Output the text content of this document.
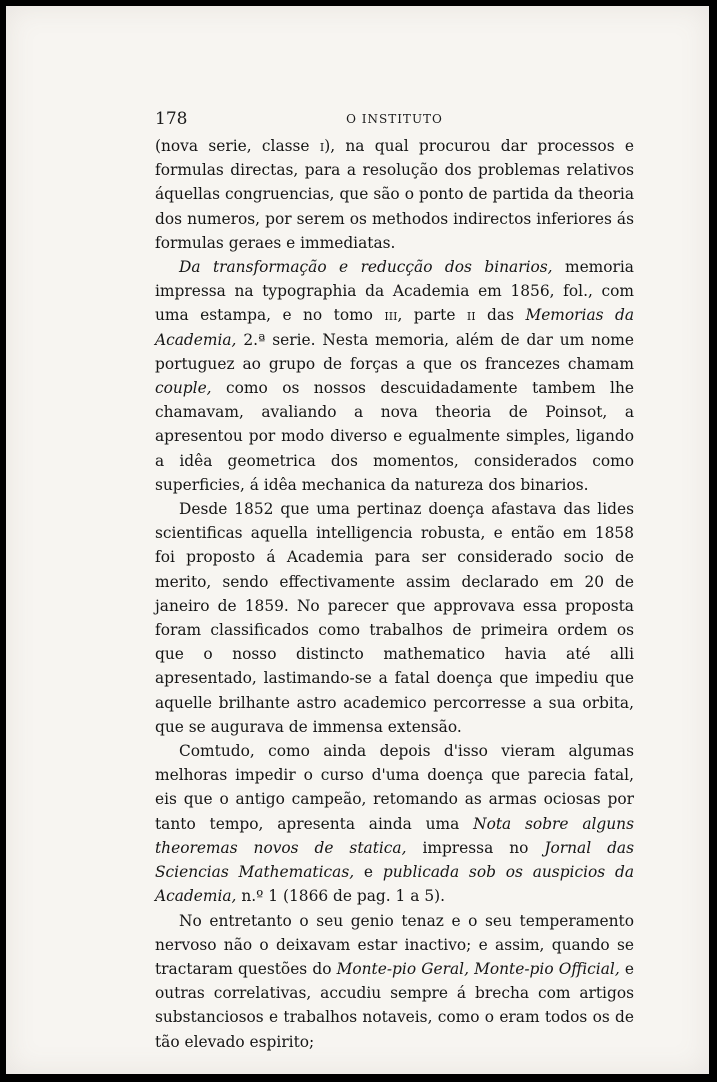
178	O INSTITUTO

(nova serie, classe i), na qual procurou dar processos e formulas directas, para a resolução dos problemas relativos áquellas congruencias, que são o ponto de partida da theoria dos numeros, por serem os methodos indirectos inferiores ás formulas geraes e immediatas.

Da transformação e reducção dos binarios, memoria impressa na typographia da Academia em 1856, fol., com uma estampa, e no tomo iii, parte ii das Memorias da Academia, 2.ª serie. Nesta memoria, além de dar um nome portuguez ao grupo de forças a que os francezes chamam couple, como os nossos descuidadamente tambem lhe chamavam, avaliando a nova theoria de Poinsot, a apresentou por modo diverso e egualmente simples, ligando a idêa geometrica dos momentos, considerados como superficies, á idêa mechanica da natureza dos binarios.

Desde 1852 que uma pertinaz doença afastava das lides scientificas aquella intelligencia robusta, e então em 1858 foi proposto á Academia para ser considerado socio de merito, sendo effectivamente assim declarado em 20 de janeiro de 1859. No parecer que approvava essa proposta foram classificados como trabalhos de primeira ordem os que o nosso distincto mathematico havia até alli apresentado, lastimando-se a fatal doença que impediu que aquelle brilhante astro academico percorresse a sua orbita, que se augurava de immensa extensão.

Comtudo, como ainda depois d'isso vieram algumas melhoras impedir o curso d'uma doença que parecia fatal, eis que o antigo campeão, retomando as armas ociosas por tanto tempo, apresenta ainda uma Nota sobre alguns theoremas novos de statica, impressa no Jornal das Sciencias Mathematicas, e publicada sob os auspicios da Academia, n.º 1 (1866 de pag. 1 a 5).

No entretanto o seu genio tenaz e o seu temperamento nervoso não o deixavam estar inactivo; e assim, quando se tractaram questões do Monte-pio Geral, Monte-pio Official, e outras correlativas, accudiu sempre á brecha com artigos substanciosos e trabalhos notaveis, como o eram todos os de tão elevado espirito;
